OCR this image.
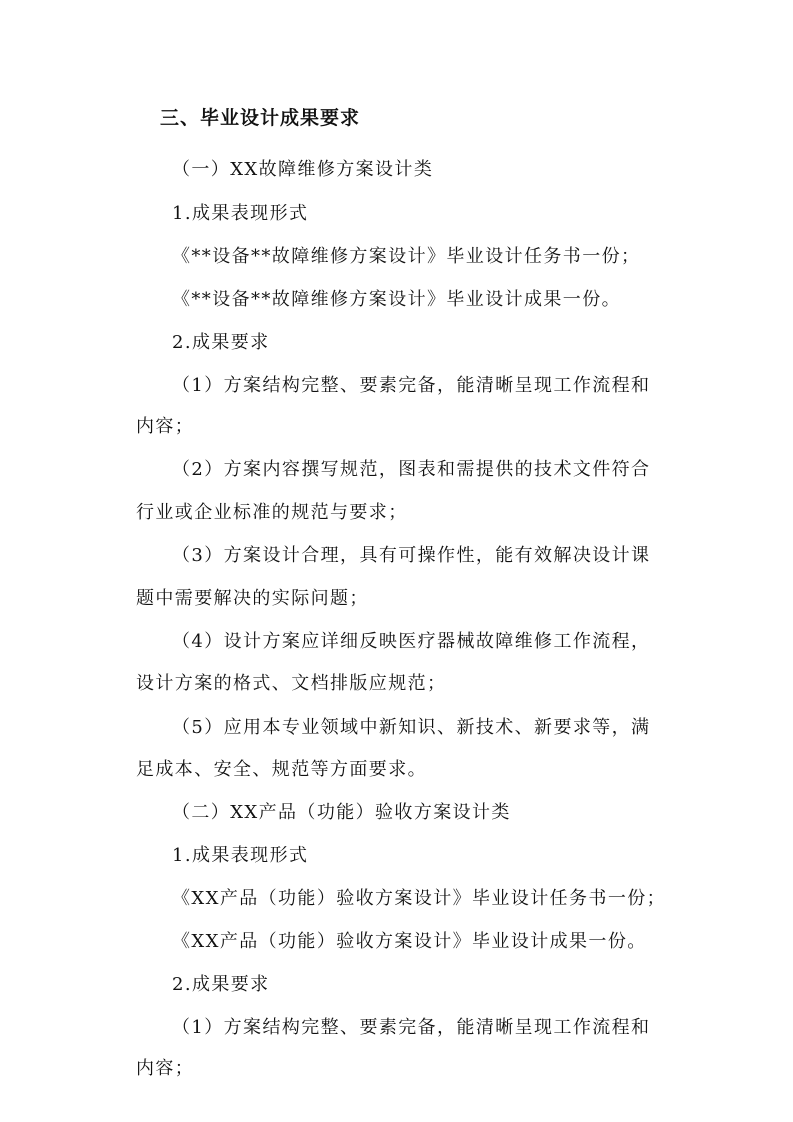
三、毕业设计成果要求
（一）XX故障维修方案设计类
1.成果表现形式
《**设备**故障维修方案设计》毕业设计任务书一份；
《**设备**故障维修方案设计》毕业设计成果一份。
2.成果要求
（1）方案结构完整、要素完备，能清晰呈现工作流程和
内容；
（2）方案内容撰写规范，图表和需提供的技术文件符合
行业或企业标准的规范与要求；
（3）方案设计合理，具有可操作性，能有效解决设计课
题中需要解决的实际问题；
（4）设计方案应详细反映医疗器械故障维修工作流程，
设计方案的格式、文档排版应规范；
（5）应用本专业领域中新知识、新技术、新要求等，满
足成本、安全、规范等方面要求。
（二）XX产品（功能）验收方案设计类
1.成果表现形式
《XX产品（功能）验收方案设计》毕业设计任务书一份；
《XX产品（功能）验收方案设计》毕业设计成果一份。
2.成果要求
（1）方案结构完整、要素完备，能清晰呈现工作流程和
内容；
